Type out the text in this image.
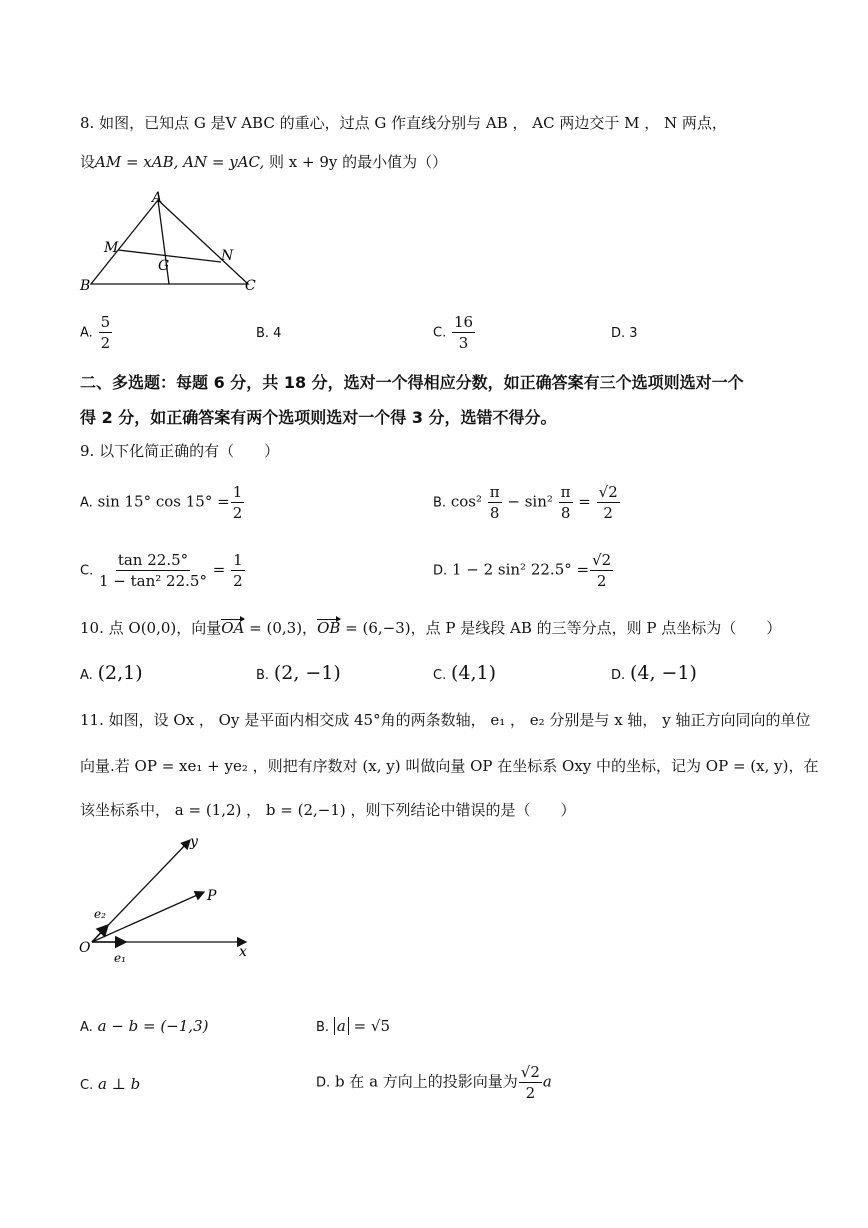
8. 如图，已知点 G 是V ABC 的重心，过点 G 作直线分别与 AB ， AC 两边交于 M ， N 两点，
设AM = xAB, AN = yAC, 则 x + 9y 的最小值为（）
A
M
G
N
B	C
A. $\frac{5}{2}$	B. 4	C. $\frac{16}{3}$	D. 3
二、多选题：每题 6 分，共 18 分，选对一个得相应分数，如正确答案有三个选项则选对一个
得 2 分，如正确答案有两个选项则选对一个得 3 分，选错不得分。
9. 以下化简正确的有（　　）
A. sin 15° $\cos 15^\circ = \frac{1}{2}$	B. $\cos^2 \frac{\pi}{8} - \sin^2 \frac{\pi}{8} = \frac{√2}{2}$
C. $\frac{\tan 22.5^\circ}{\text{1 − tan² 22.5°}} = \frac{1}{2}$	D. 1 − 2 sin² $22.5^\circ = \frac{√2}{2}$
10. 点 O(0,0)，向量OA = (0,3)，OB = (6,−3)，点 P 是线段 AB 的三等分点，则 P 点坐标为（　　）
A. (2,1)	B. (2, −1)	C. (4,1)	D. (4, −1)
11. 如图，设 Ox ， Oy 是平面内相交成 45°角的两条数轴， e₁ ， e₂ 分别是与 x 轴， y 轴正方向同向的单位
向量.若 OP = xe₁ + ye₂ ，则把有序数对 (x, y) 叫做向量 OP 在坐标系 Oxy 中的坐标，记为 OP = (x, y)，在
该坐标系中， a = (1,2) ， b = (2,−1) ，则下列结论中错误的是（　　）
y
P
e₂
O
e₁	x
A. a − b = (−1,3)	B. a = √5
C. a ⊥ b	D. b 在 a 方向上的投影向量为 $\frac{√2}{2}$ a
